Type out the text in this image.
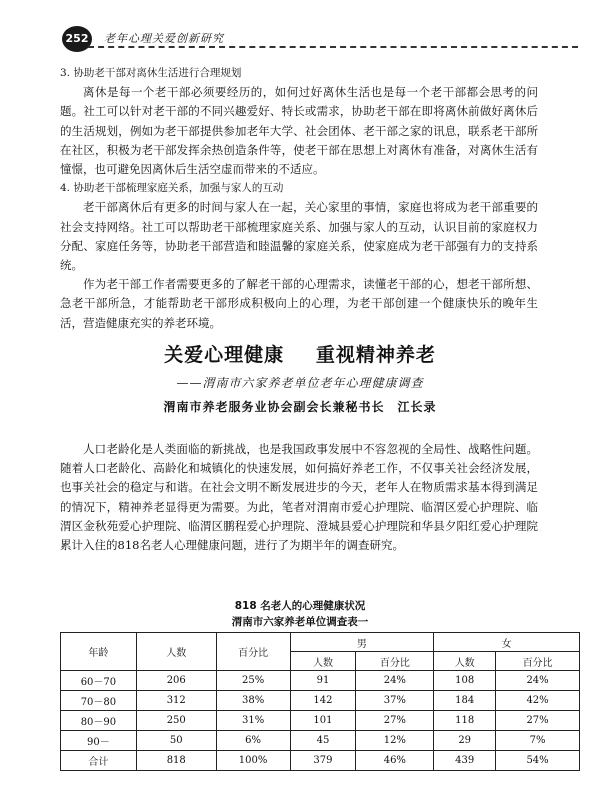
252	老年心理关爱创新研究
3. 协助老干部对离休生活进行合理规划

离休是每一个老干部必须要经历的，如何过好离休生活也是每一个老干部都会思考的问题。社工可以针对老干部的不同兴趣爱好、特长或需求，协助老干部在即将离休前做好离休后的生活规划，例如为老干部提供参加老年大学、社会团体、老干部之家的讯息，联系老干部所在社区，积极为老干部发挥余热创造条件等，使老干部在思想上对离休有准备，对离休生活有憧憬，也可避免因离休后生活空虚而带来的不适应。

4. 协助老干部梳理家庭关系，加强与家人的互动

老干部离休后有更多的时间与家人在一起，关心家里的事情，家庭也将成为老干部重要的社会支持网络。社工可以帮助老干部梳理家庭关系、加强与家人的互动，认识目前的家庭权力分配、家庭任务等，协助老干部营造和睦温馨的家庭关系，使家庭成为老干部强有力的支持系统。

作为老干部工作者需要更多的了解老干部的心理需求，读懂老干部的心，想老干部所想、急老干部所急，才能帮助老干部形成积极向上的心理，为老干部创建一个健康快乐的晚年生活，营造健康充实的养老环境。

关爱心理健康 重视精神养老
——渭南市六家养老单位老年心理健康调查
渭南市养老服务业协会副会长兼秘书长　江长录

人口老龄化是人类面临的新挑战，也是我国政事发展中不容忽视的全局性、战略性问题。随着人口老龄化、高龄化和城镇化的快速发展，如何搞好养老工作，不仅事关社会经济发展，也事关社会的稳定与和谐。在社会文明不断发展进步的今天，老年人在物质需求基本得到满足的情况下，精神养老显得更为需要。为此，笔者对渭南市爱心护理院、临渭区爱心护理院、临渭区金秋苑爱心护理院、临渭区鹏程爱心护理院、澄城县爱心护理院和华县夕阳红爱心护理院累计入住的818名老人心理健康问题，进行了为期半年的调查研究。

818 名老人的心理健康状况
渭南市六家养老单位调查表一
年龄	人数	百分比	男		女	
			人数	百分比	人数	百分比
60－70	206	25%	91	24%	108	24%
70－80	312	38%	142	37%	184	42%
80－90	250	31%	101	27%	118	27%
90－	50	6%	45	12%	29	7%
合计	818	100%	379	46%	439	54%
